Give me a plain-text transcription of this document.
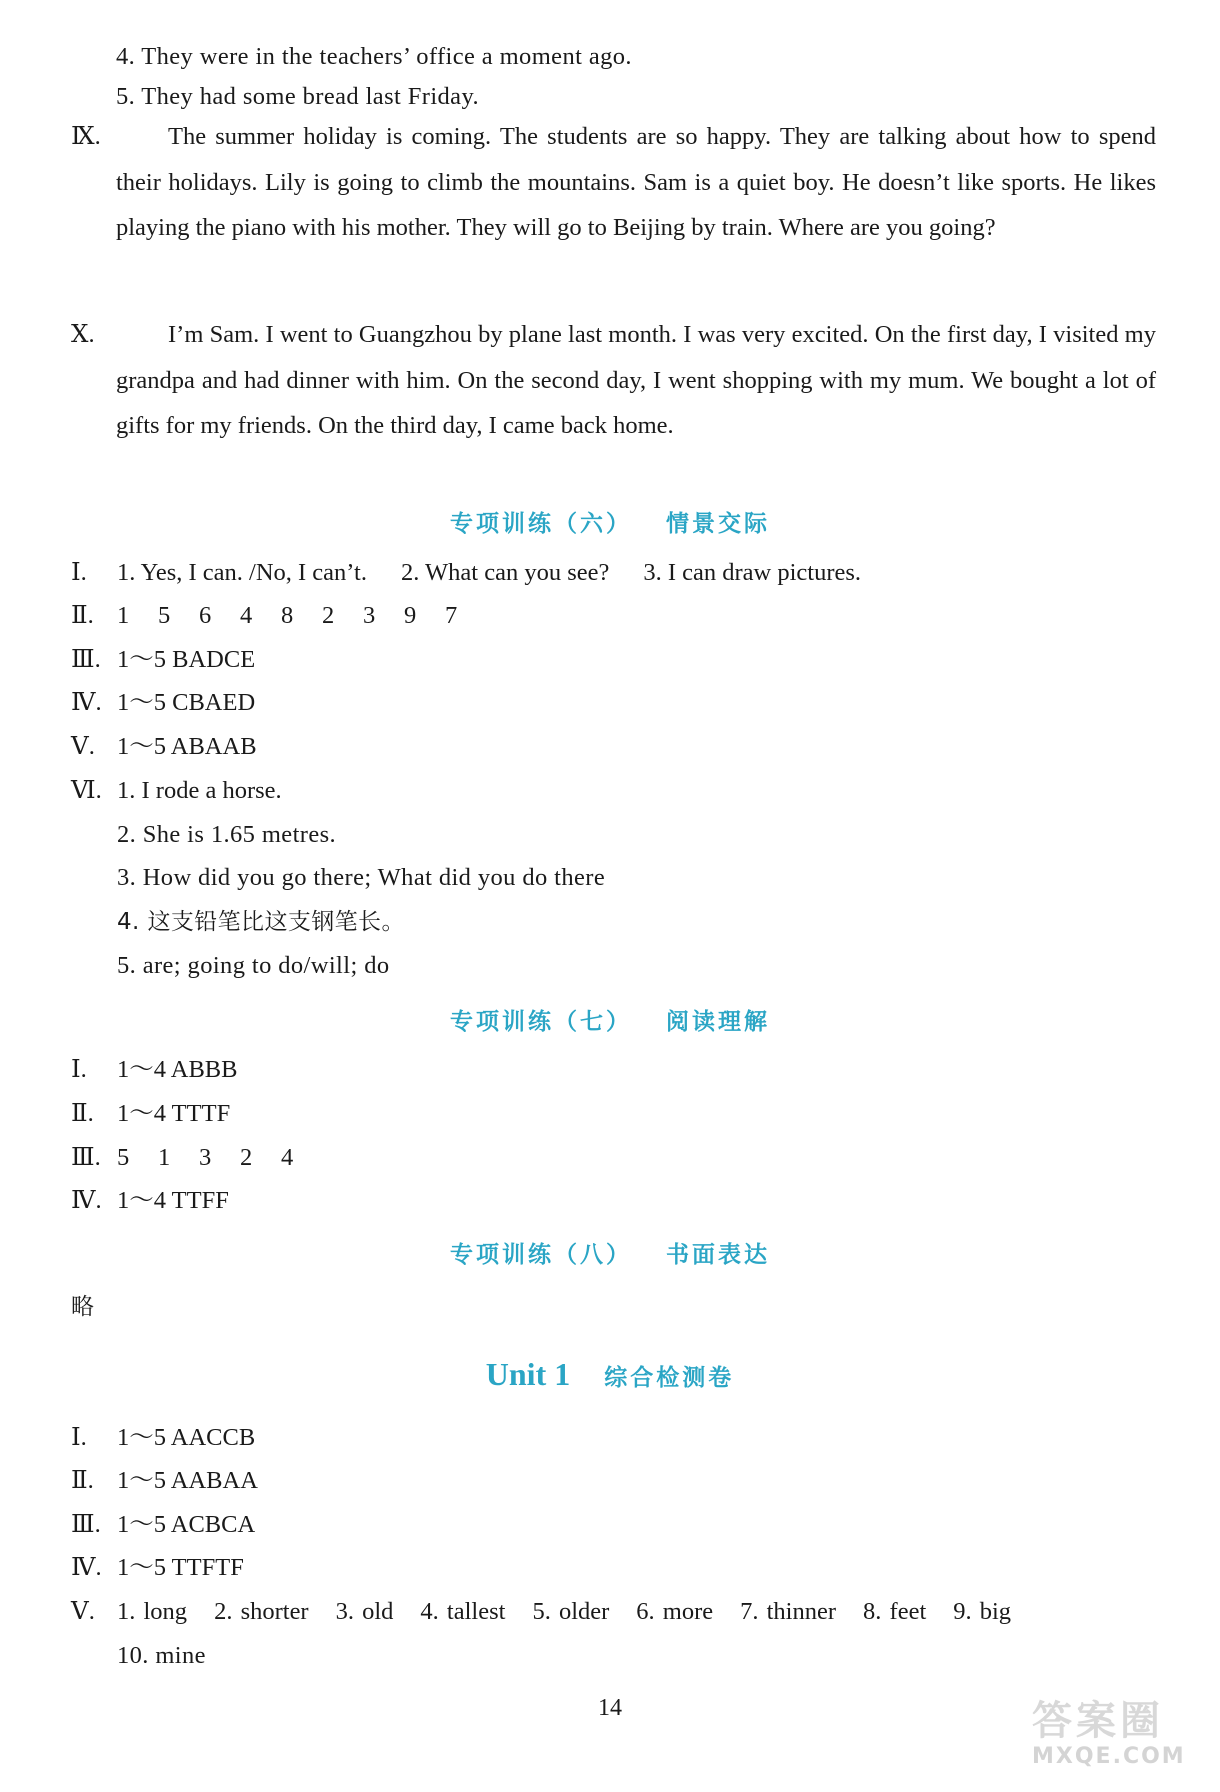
4. They were in the teachers’ office a moment ago.
5. They had some bread last Friday.
Ⅸ.	The summer holiday is coming. The students are so happy. They are talking about how to spend their holidays. Lily is going to climb the mountains. Sam is a quiet boy. He doesn’t like sports. He likes playing the piano with his mother. They will go to Beijing by train. Where are you going?
Ⅹ.	I’m Sam. I went to Guangzhou by plane last month. I was very excited. On the first day, I visited my grandpa and had dinner with him. On the second day, I went shopping with my mum. We bought a lot of gifts for my friends. On the third day, I came back home.
专项训练（六） 情景交际
Ⅰ. 1. Yes, I can. /No, I can’t. 2. What can you see? 3. I can draw pictures.
Ⅱ. 1 5 6 4 8 2 3 9 7
Ⅲ. 1～5 BADCE
Ⅳ. 1～5 CBAED
Ⅴ. 1～5 ABAAB
Ⅵ. 1. I rode a horse.
2. She is 1.65 metres.
3. How did you go there; What did you do there
4. 这支铅笔比这支钢笔长。
5. are; going to do/will; do
专项训练（七） 阅读理解
Ⅰ. 1～4 ABBB
Ⅱ. 1～4 TTTF
Ⅲ. 5 1 3 2 4
Ⅳ. 1～4 TTFF
专项训练（八） 书面表达
略
Unit 1 综合检测卷
Ⅰ. 1～5 AACCB
Ⅱ. 1～5 AABAA
Ⅲ. 1～5 ACBCA
Ⅳ. 1～5 TTFTF
Ⅴ. 1. long 2. shorter 3. old 4. tallest 5. older 6. more 7. thinner 8. feet 9. big
10. mine
14	答案圈
MXQE.COM
